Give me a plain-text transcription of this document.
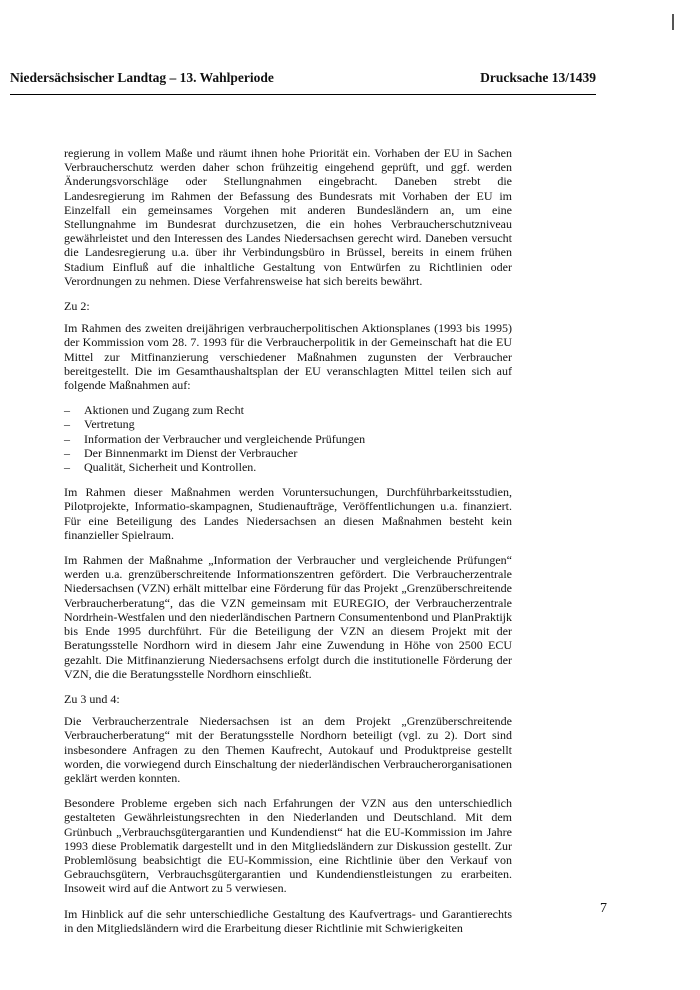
Niedersächsischer Landtag – 13. Wahlperiode	Drucksache 13/1439

regierung in vollem Maße und räumt ihnen hohe Priorität ein. Vorhaben der EU in Sachen Verbraucherschutz werden daher schon frühzeitig eingehend geprüft, und ggf. werden Änderungsvorschläge oder Stellungnahmen eingebracht. Daneben strebt die Landesregierung im Rahmen der Befassung des Bundesrats mit Vorhaben der EU im Einzelfall ein gemeinsames Vorgehen mit anderen Bundesländern an, um eine Stellungnahme im Bundesrat durchzusetzen, die ein hohes Verbraucherschutzniveau gewährleistet und den Interessen des Landes Niedersachsen gerecht wird. Daneben versucht die Landesregierung u.a. über ihr Verbindungsbüro in Brüssel, bereits in einem frühen Stadium Einfluß auf die inhaltliche Gestaltung von Entwürfen zu Richtlinien oder Verordnungen zu nehmen. Diese Verfahrensweise hat sich bereits bewährt.

Zu 2:

Im Rahmen des zweiten dreijährigen verbraucherpolitischen Aktionsplanes (1993 bis 1995) der Kommission vom 28. 7. 1993 für die Verbraucherpolitik in der Gemeinschaft hat die EU Mittel zur Mitfinanzierung verschiedener Maßnahmen zugunsten der Verbraucher bereitgestellt. Die im Gesamthaushaltsplan der EU veranschlagten Mittel teilen sich auf folgende Maßnahmen auf:

– Aktionen und Zugang zum Recht
– Vertretung
– Information der Verbraucher und vergleichende Prüfungen
– Der Binnenmarkt im Dienst der Verbraucher
– Qualität, Sicherheit und Kontrollen.

Im Rahmen dieser Maßnahmen werden Voruntersuchungen, Durchführbarkeitsstudien, Pilotprojekte, Informatio-skampagnen, Studienaufträge, Veröffentlichungen u.a. finanziert. Für eine Beteiligung des Landes Niedersachsen an diesen Maßnahmen besteht kein finanzieller Spielraum.

Im Rahmen der Maßnahme „Information der Verbraucher und vergleichende Prüfungen“ werden u.a. grenzüberschreitende Informationszentren gefördert. Die Verbraucherzentrale Niedersachsen (VZN) erhält mittelbar eine Förderung für das Projekt „Grenzüberschreitende Verbraucherberatung“, das die VZN gemeinsam mit EUREGIO, der Verbraucherzentrale Nordrhein-Westfalen und den niederländischen Partnern Consumentenbond und PlanPraktijk bis Ende 1995 durchführt. Für die Beteiligung der VZN an diesem Projekt mit der Beratungsstelle Nordhorn wird in diesem Jahr eine Zuwendung in Höhe von 2500 ECU gezahlt. Die Mitfinanzierung Niedersachsens erfolgt durch die institutionelle Förderung der VZN, die die Beratungsstelle Nordhorn einschließt.

Zu 3 und 4:

Die Verbraucherzentrale Niedersachsen ist an dem Projekt „Grenzüberschreitende Verbraucherberatung“ mit der Beratungsstelle Nordhorn beteiligt (vgl. zu 2). Dort sind insbesondere Anfragen zu den Themen Kaufrecht, Autokauf und Produktpreise gestellt worden, die vorwiegend durch Einschaltung der niederländischen Verbraucherorganisationen geklärt werden konnten.

Besondere Probleme ergeben sich nach Erfahrungen der VZN aus den unterschiedlich gestalteten Gewährleistungsrechten in den Niederlanden und Deutschland. Mit dem Grünbuch „Verbrauchsgütergarantien und Kundendienst“ hat die EU-Kommission im Jahre 1993 diese Problematik dargestellt und in den Mitgliedsländern zur Diskussion gestellt. Zur Problemlösung beabsichtigt die EU-Kommission, eine Richtlinie über den Verkauf von Gebrauchsgütern, Verbrauchsgütergarantien und Kundendienstleistungen zu erarbeiten. Insoweit wird auf die Antwort zu 5 verwiesen.

Im Hinblick auf die sehr unterschiedliche Gestaltung des Kaufvertrags- und Garantierechts in den Mitgliedsländern wird die Erarbeitung dieser Richtlinie mit Schwierigkeiten

7
